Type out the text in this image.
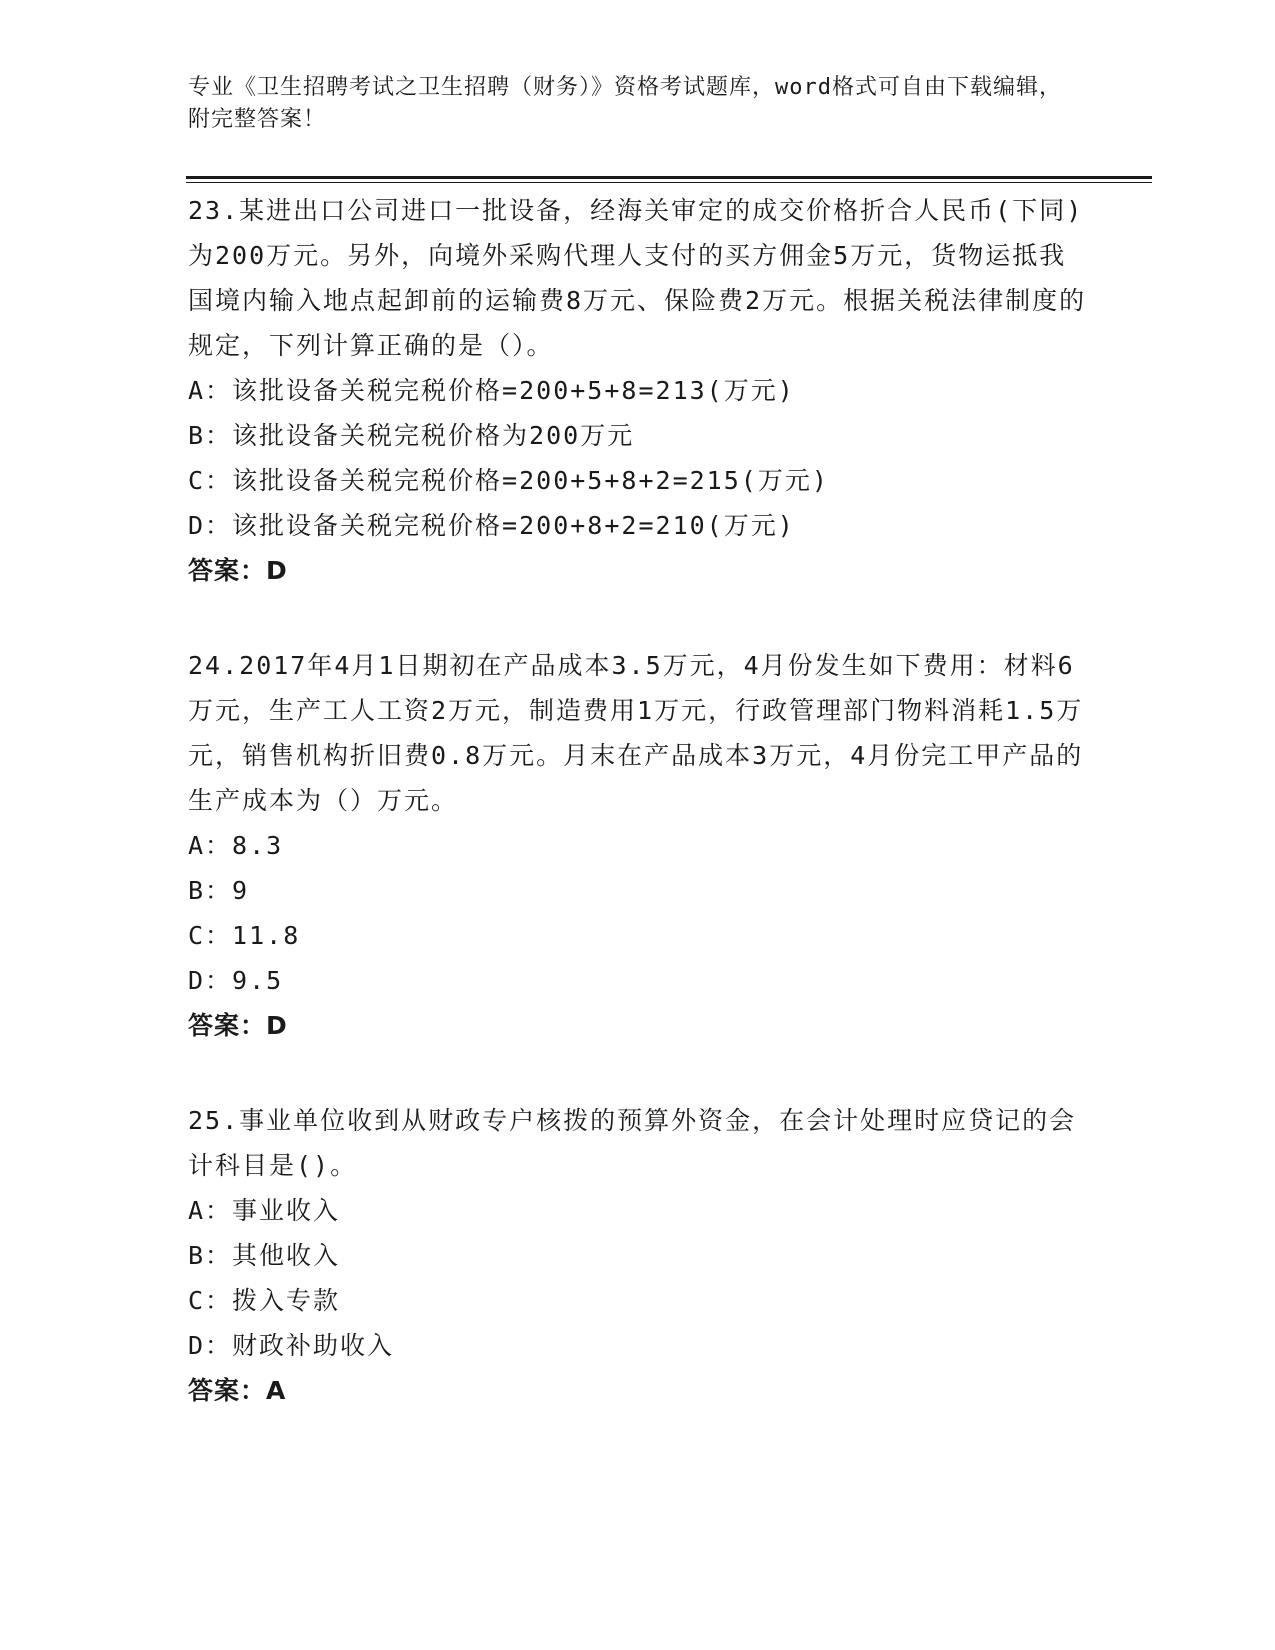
专业《卫生招聘考试之卫生招聘（财务）》资格考试题库，word格式可自由下载编辑，附完整答案！

23.某进出口公司进口一批设备，经海关审定的成交价格折合人民币(下同)为200万元。另外，向境外采购代理人支付的买方佣金5万元，货物运抵我国境内输入地点起卸前的运输费8万元、保险费2万元。根据关税法律制度的规定，下列计算正确的是（）。

A：该批设备关税完税价格=200+5+8=213(万元)

B：该批设备关税完税价格为200万元

C：该批设备关税完税价格=200+5+8+2=215(万元)

D：该批设备关税完税价格=200+8+2=210(万元)

答案：D

24.2017年4月1日期初在产品成本3.5万元，4月份发生如下费用：材料6万元，生产工人工资2万元，制造费用1万元，行政管理部门物料消耗1.5万元，销售机构折旧费0.8万元。月末在产品成本3万元，4月份完工甲产品的生产成本为（）万元。

A：8.3

B：9

C：11.8

D：9.5

答案：D

25.事业单位收到从财政专户核拨的预算外资金，在会计处理时应贷记的会计科目是()。

A：事业收入

B：其他收入

C：拨入专款

D：财政补助收入

答案：A
